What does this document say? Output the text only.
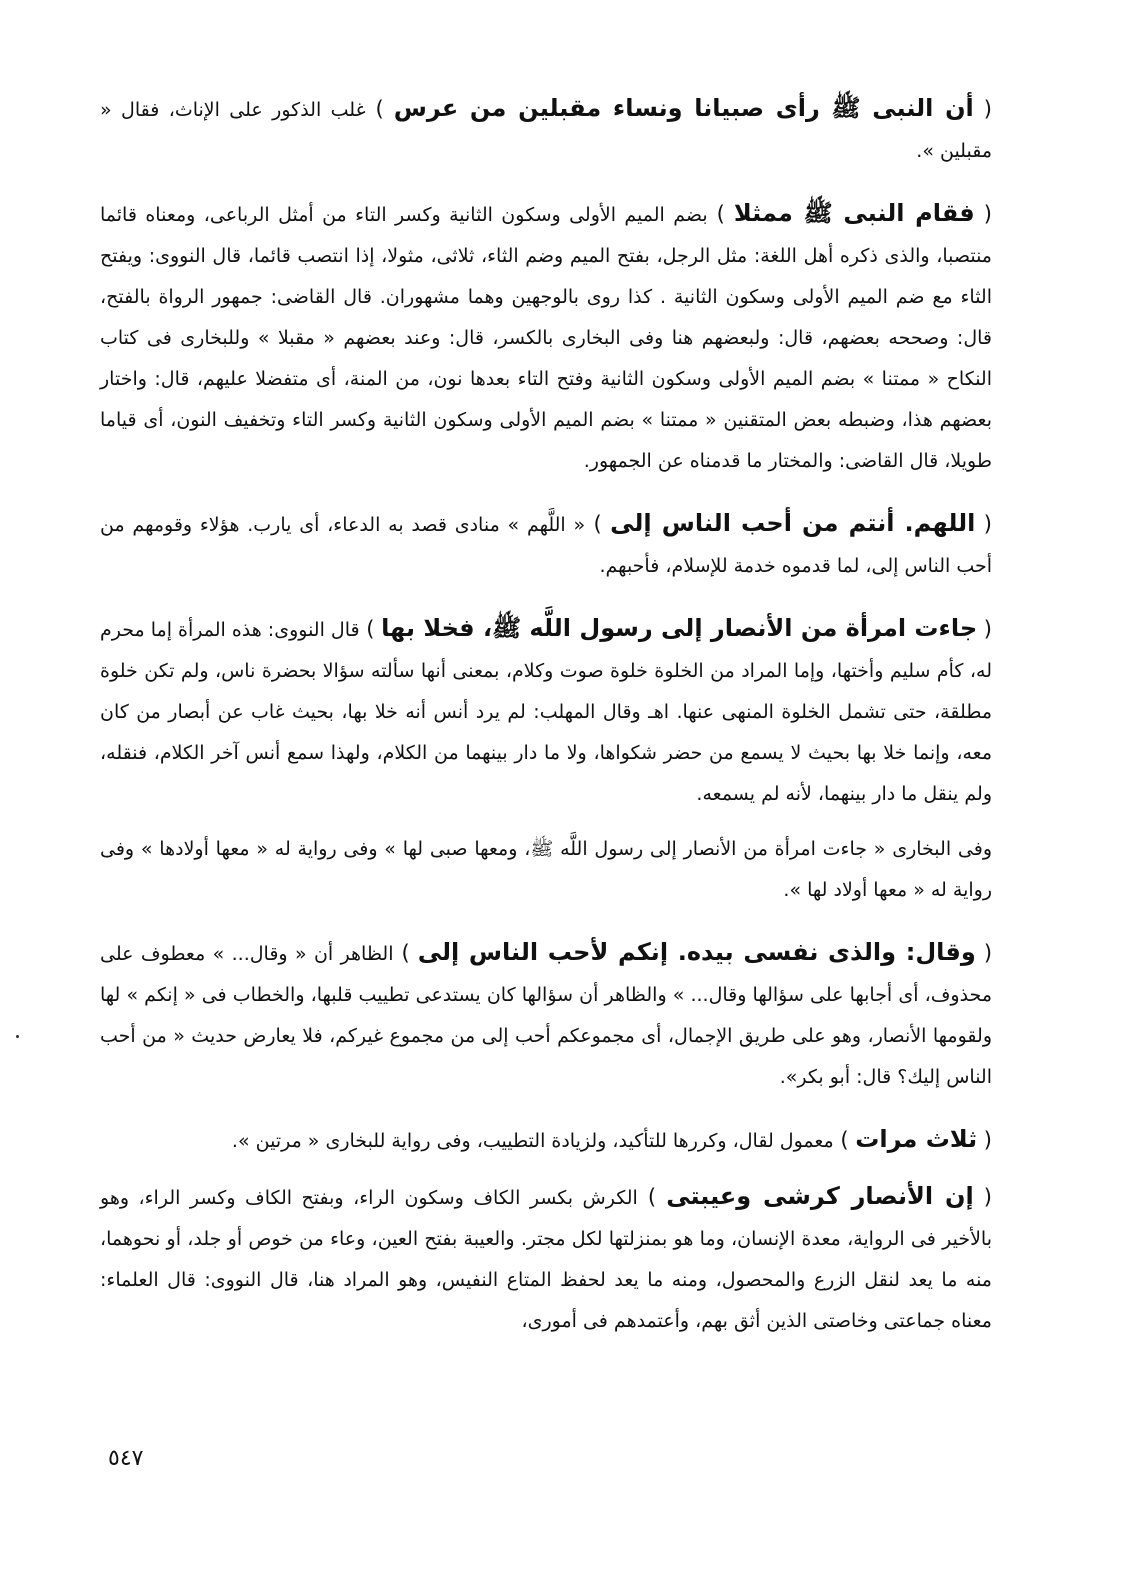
( أن النبى ﷺ رأى صبيانا ونساء مقبلين من عرس ) غلب الذكور على الإناث، فقال « مقبلين ».

( فقام النبى ﷺ ممثلا ) بضم الميم الأولى وسكون الثانية وكسر التاء من أمثل الرباعى، ومعناه قائما منتصبا، والذى ذكره أهل اللغة: مثل الرجل، بفتح الميم وضم الثاء، ثلاثى، مثولا، إذا انتصب قائما، قال النووى: ويفتح الثاء مع ضم الميم الأولى وسكون الثانية . كذا روى بالوجهين وهما مشهوران. قال القاضى: جمهور الرواة بالفتح، قال: وصححه بعضهم، قال: ولبعضهم هنا وفى البخارى بالكسر، قال: وعند بعضهم « مقبلا » وللبخارى فى كتاب النكاح « ممتنا » بضم الميم الأولى وسكون الثانية وفتح التاء بعدها نون، من المنة، أى متفضلا عليهم، قال: واختار بعضهم هذا، وضبطه بعض المتقنين « ممتنا » بضم الميم الأولى وسكون الثانية وكسر التاء وتخفيف النون، أى قياما طويلا، قال القاضى: والمختار ما قدمناه عن الجمهور.

( اللهم. أنتم من أحب الناس إلى ) « اللَّهم » منادى قصد به الدعاء، أى يارب. هؤلاء وقومهم من أحب الناس إلى، لما قدموه خدمة للإسلام، فأحبهم.

( جاءت امرأة من الأنصار إلى رسول اللَّه ﷺ، فخلا بها ) قال النووى: هذه المرأة إما محرم له، كأم سليم وأختها، وإما المراد من الخلوة خلوة صوت وكلام، بمعنى أنها سألته سؤالا بحضرة ناس، ولم تكن خلوة مطلقة، حتى تشمل الخلوة المنهى عنها. اهـ وقال المهلب: لم يرد أنس أنه خلا بها، بحيث غاب عن أبصار من كان معه، وإنما خلا بها بحيث لا يسمع من حضر شكواها، ولا ما دار بينهما من الكلام، ولهذا سمع أنس آخر الكلام، فنقله، ولم ينقل ما دار بينهما، لأنه لم يسمعه.

وفى البخارى « جاءت امرأة من الأنصار إلى رسول اللَّه ﷺ، ومعها صبى لها » وفى رواية له « معها أولادها » وفى رواية له « معها أولاد لها ».

( وقال: والذى نفسى بيده. إنكم لأحب الناس إلى ) الظاهر أن « وقال... » معطوف على محذوف، أى أجابها على سؤالها وقال... » والظاهر أن سؤالها كان يستدعى تطييب قلبها، والخطاب فى « إنكم » لها ولقومها الأنصار، وهو على طريق الإجمال، أى مجموعكم أحب إلى من مجموع غيركم، فلا يعارض حديث « من أحب الناس إليك؟ قال: أبو بكر».

( ثلاث مرات ) معمول لقال، وكررها للتأكيد، ولزيادة التطييب، وفى رواية للبخارى « مرتين ».

( إن الأنصار كرشى وعيبتى ) الكرش بكسر الكاف وسكون الراء، وبفتح الكاف وكسر الراء، وهو بالأخير فى الرواية، معدة الإنسان، وما هو بمنزلتها لكل مجتر. والعيبة بفتح العين، وعاء من خوص أو جلد، أو نحوهما، منه ما يعد لنقل الزرع والمحصول، ومنه ما يعد لحفظ المتاع النفيس، وهو المراد هنا، قال النووى: قال العلماء: معناه جماعتى وخاصتى الذين أثق بهم، وأعتمدهم فى أمورى،

٥٤٧
